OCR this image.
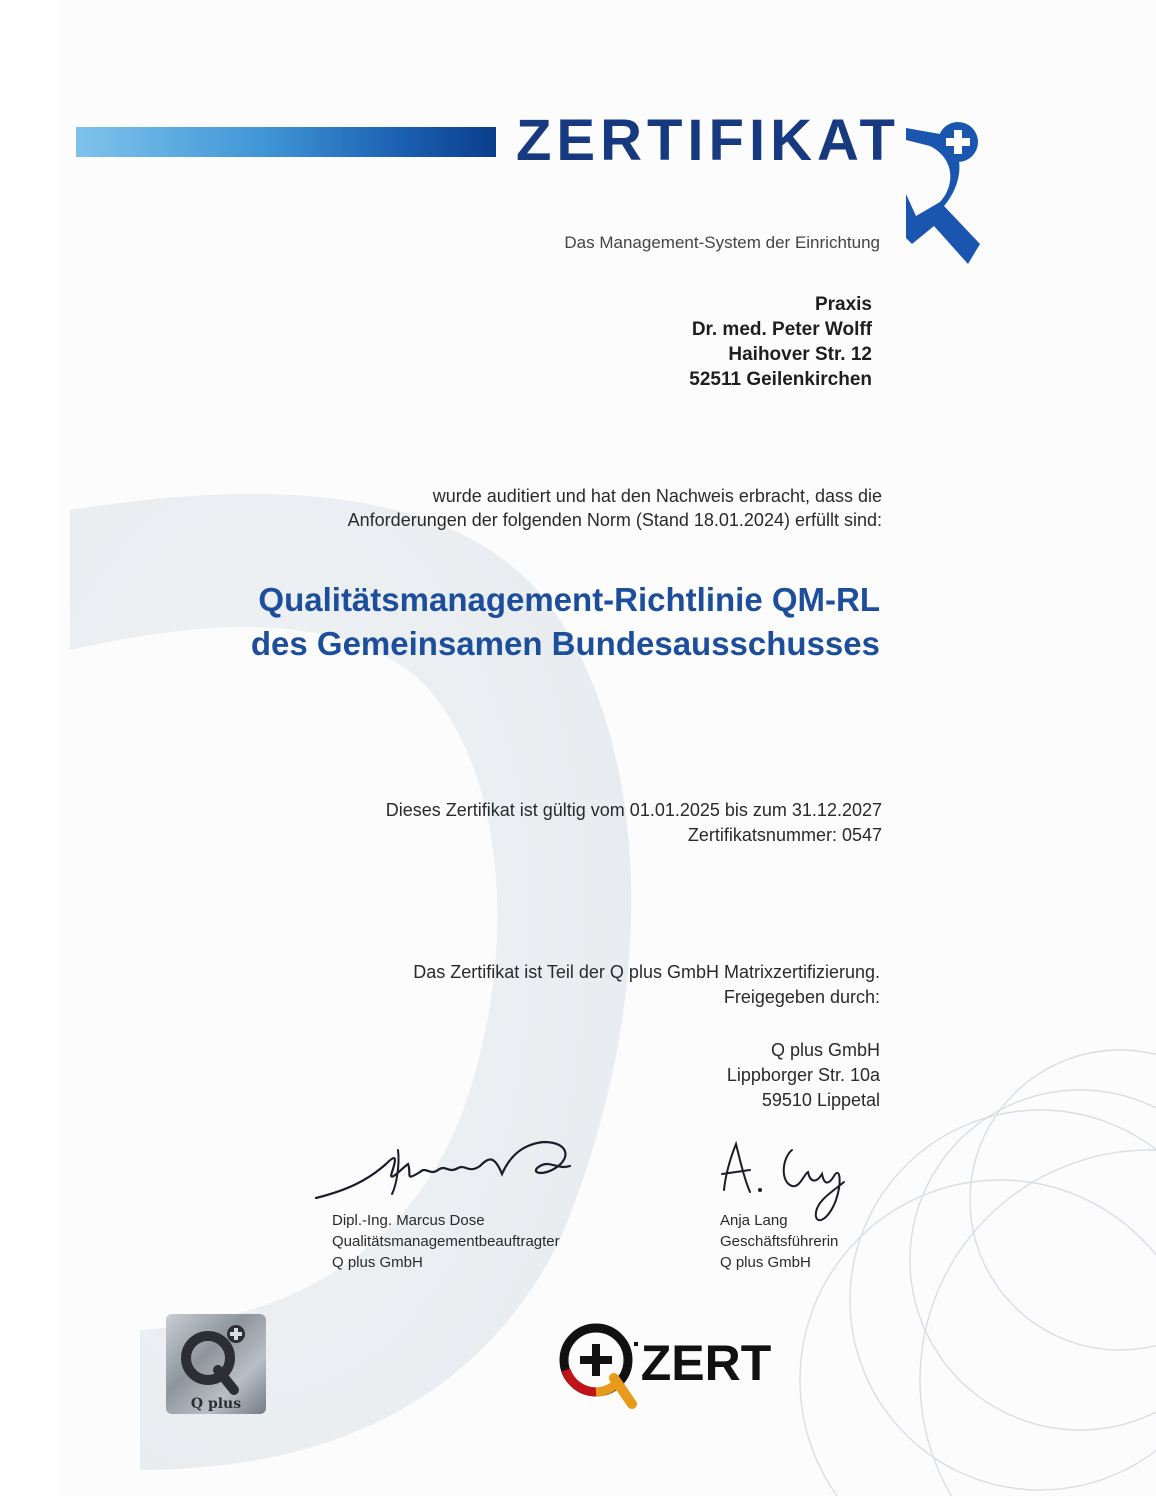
ZERTIFIKAT
Das Management-System der Einrichtung
Praxis
Dr. med. Peter Wolff
Haihover Str. 12
52511 Geilenkirchen
wurde auditiert und hat den Nachweis erbracht, dass die
Anforderungen der folgenden Norm (Stand 18.01.2024) erfüllt sind:
Qualitätsmanagement-Richtlinie QM-RL
des Gemeinsamen Bundesausschusses
Dieses Zertifikat ist gültig vom 01.01.2025 bis zum 31.12.2027
Zertifikatsnummer: 0547
Das Zertifikat ist Teil der Q plus GmbH Matrixzertifizierung.
Freigegeben durch:
Q plus GmbH
Lippborger Str. 10a
59510 Lippetal
Dipl.-Ing. Marcus Dose
Qualitätsmanagementbeauftragter
Q plus GmbH
Anja Lang
Geschäftsführerin
Q plus GmbH
Q plus
ZERT
